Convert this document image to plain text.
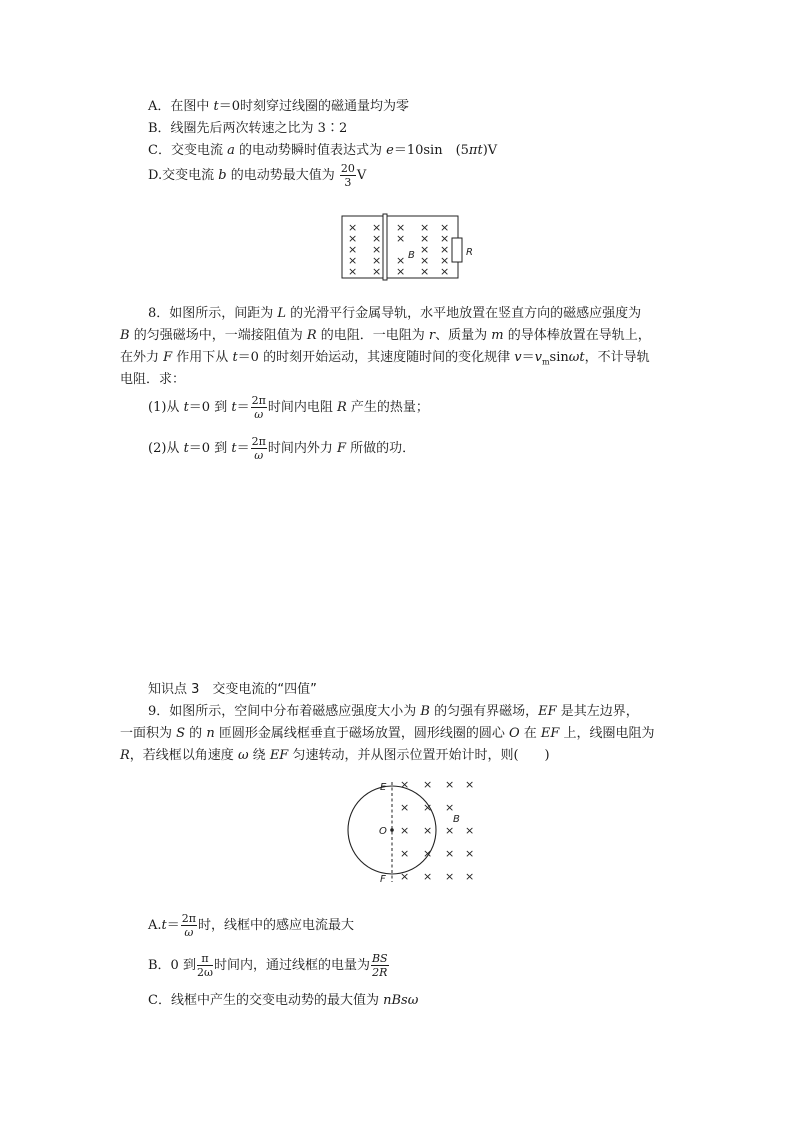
A．在图中 t＝0时刻穿过线圈的磁通量均为零
B．线圈先后两次转速之比为 3∶2
C．交变电流 a 的电动势瞬时值表达式为 e＝10sin　(5πt)V
D.交变电流 b 的电动势最大值为 $\frac{20}{3}$ V
× × × × ×
× × × × ×
× ×	× ×
× × × × ×
× × × × ×
B	R
8．如图所示，间距为 L 的光滑平行金属导轨，水平地放置在竖直方向的磁感应强度为
B 的匀强磁场中，一端接阻值为 R 的电阻．一电阻为 r、质量为 m 的导体棒放置在导轨上，
在外力 F 作用下从 t＝0 的时刻开始运动，其速度随时间的变化规律 $v=v_m\sin\omega t$，不计导轨
电阻．求：
(1)从 t＝0 到 $t= \frac{2\pi}{\omega}$ 时间内电阻 R 产生的热量；
(2)从 t＝0 到 $t= \frac{2\pi}{\omega}$ 时间内外力 F 所做的功．
知识点 3　交变电流的“四值”
9．如图所示，空间中分布着磁感应强度大小为 B 的匀强有界磁场，EF 是其左边界，
一面积为 S 的 n 匝圆形金属线框垂直于磁场放置，圆形线圈的圆心 O 在 EF 上，线圈电阻为
R，若线框以角速度 ω 绕 EF 匀速转动，并从图示位置开始计时，则(　　)
E
F
O
B
× × × ×
× × ×
× × × ×
× × × ×
× × × ×
$A.t= \frac{2\pi}{\omega}$ 时，线框中的感应电流最大
B．0 到 $\frac{\pi}{2\omega}$ 时间内，通过线框的电量为 $\frac{BS}{2R}$
C．线框中产生的交变电动势的最大值为 nBsω
